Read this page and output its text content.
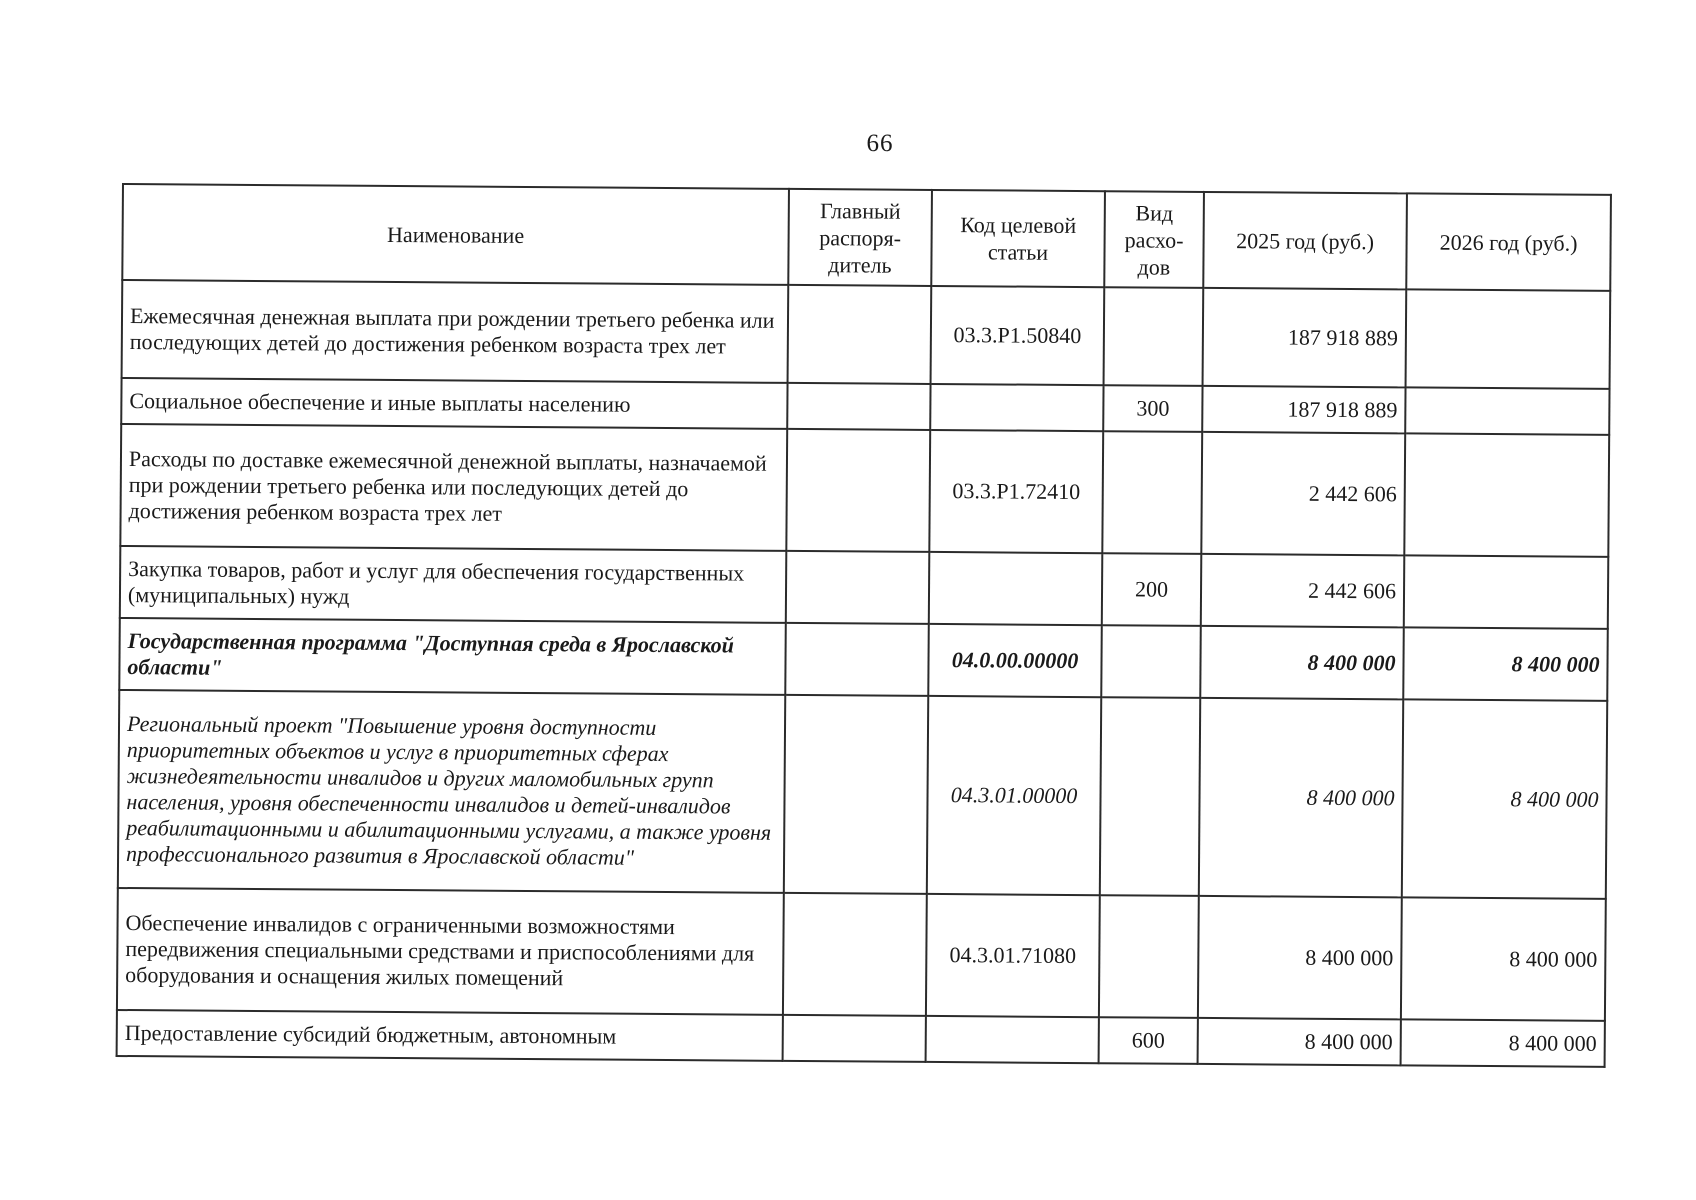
66
Наименование	Главный распоря- дитель	Код целевой статьи	Вид расхо- дов	2025 год (руб.)	2026 год (руб.)
Ежемесячная денежная выплата при рождении третьего ребенка или последующих детей до достижения ребенком возраста трех лет		03.3.Р1.50840		187 918 889	
Социальное обеспечение и иные выплаты населению			300	187 918 889	
Расходы по доставке ежемесячной денежной выплаты, назначаемой при рождении третьего ребенка или последующих детей до достижения ребенком возраста трех лет		03.3.Р1.72410		2 442 606	
Закупка товаров, работ и услуг для обеспечения государственных (муниципальных) нужд			200	2 442 606	
Государственная программа "Доступная среда в Ярославской области"		04.0.00.00000		8 400 000	8 400 000
Региональный проект "Повышение уровня доступности приоритетных объектов и услуг в приоритетных сферах жизнедеятельности инвалидов и других маломобильных групп населения, уровня обеспеченности инвалидов и детей-инвалидов реабилитационными и абилитационными услугами, а также уровня профессионального развития в Ярославской области"		04.3.01.00000		8 400 000	8 400 000
Обеспечение инвалидов с ограниченными возможностями передвижения специальными средствами и приспособлениями для оборудования и оснащения жилых помещений		04.3.01.71080		8 400 000	8 400 000
Предоставление субсидий бюджетным, автономным			600	8 400 000	8 400 000
